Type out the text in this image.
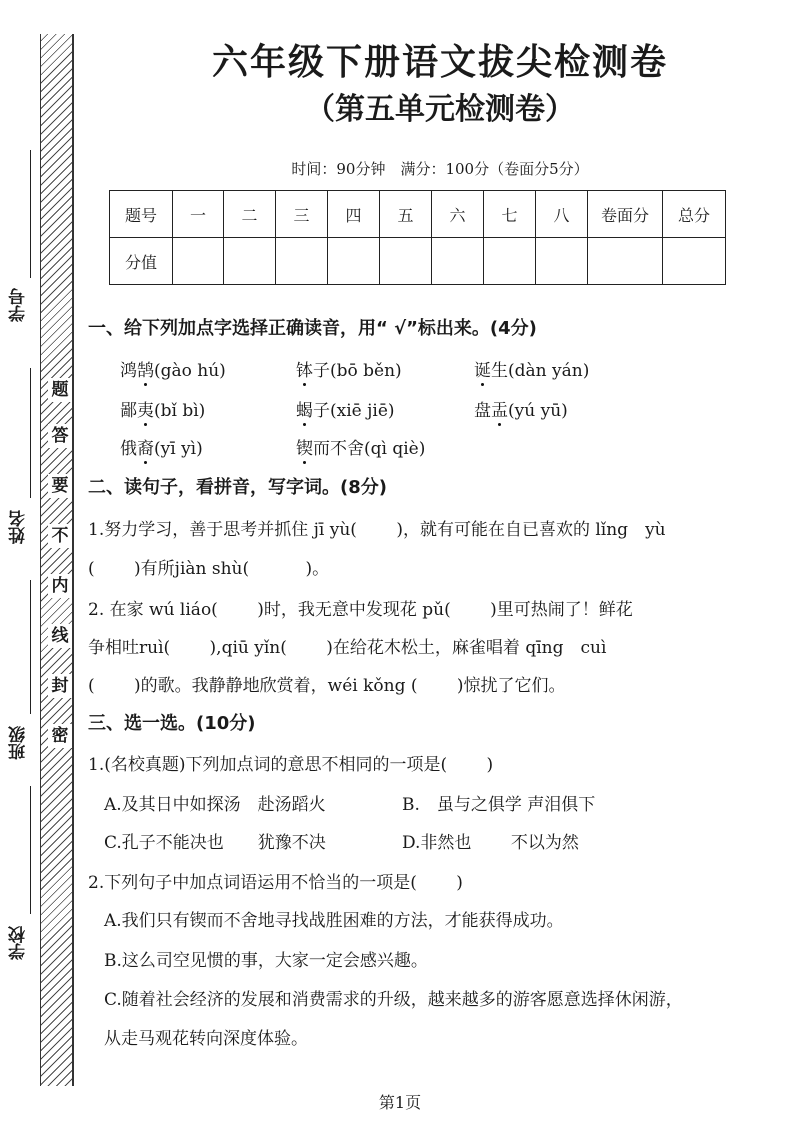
题
答
要
不
内
线
封
密
学号
姓名
班级
学校
六年级下册语文拔尖检测卷
（第五单元检测卷）
时间：90分钟　满分：100分（卷面分5分）
题号	一	二	三	四	五	六	七	八	卷面分	总分
分值										
一、给下列加点字选择正确读音，用“ √”标出来。(4分)
鸿鹄(gào hú)	钵子(bō běn)	诞生(dàn yán)
鄙夷(bǐ bì)	蝎子(xiē jiē)	盘盂(yú yū)
俄裔(yī yì)	锲而不舍(qì qiè)
二、读句子，看拼音，写字词。(8分)
1.努力学习，善于思考并抓住 jī yù(　　 )，就有可能在自已喜欢的 lǐng　yù
(　　 )有所jiàn shù(　　　 )。
2. 在家 wú liáo(　　 )时，我无意中发现花 pǔ(　　 )里可热闹了！鲜花
争相吐ruì(　　 ),qiū yǐn(　　 )在给花木松土，麻雀唱着 qīng　cuì
(　　 )的歌。我静静地欣赏着，wéi kǒng (　　 )惊扰了它们。
三、选一选。(10分)
1.(名校真题)下列加点词的意思不相同的一项是(　　 )
A.及其日中如探汤　赴汤蹈火	B.　虽与之俱学 声泪俱下
C.孔子不能决也　　犹豫不决	D.非然也　　 不以为然
2.下列句子中加点词语运用不恰当的一项是(　　 )
A.我们只有锲而不舍地寻找战胜困难的方法，才能获得成功。
B.这么司空见惯的事，大家一定会感兴趣。
C.随着社会经济的发展和消费需求的升级，越来越多的游客愿意选择休闲游，
从走马观花转向深度体验。
第1页
